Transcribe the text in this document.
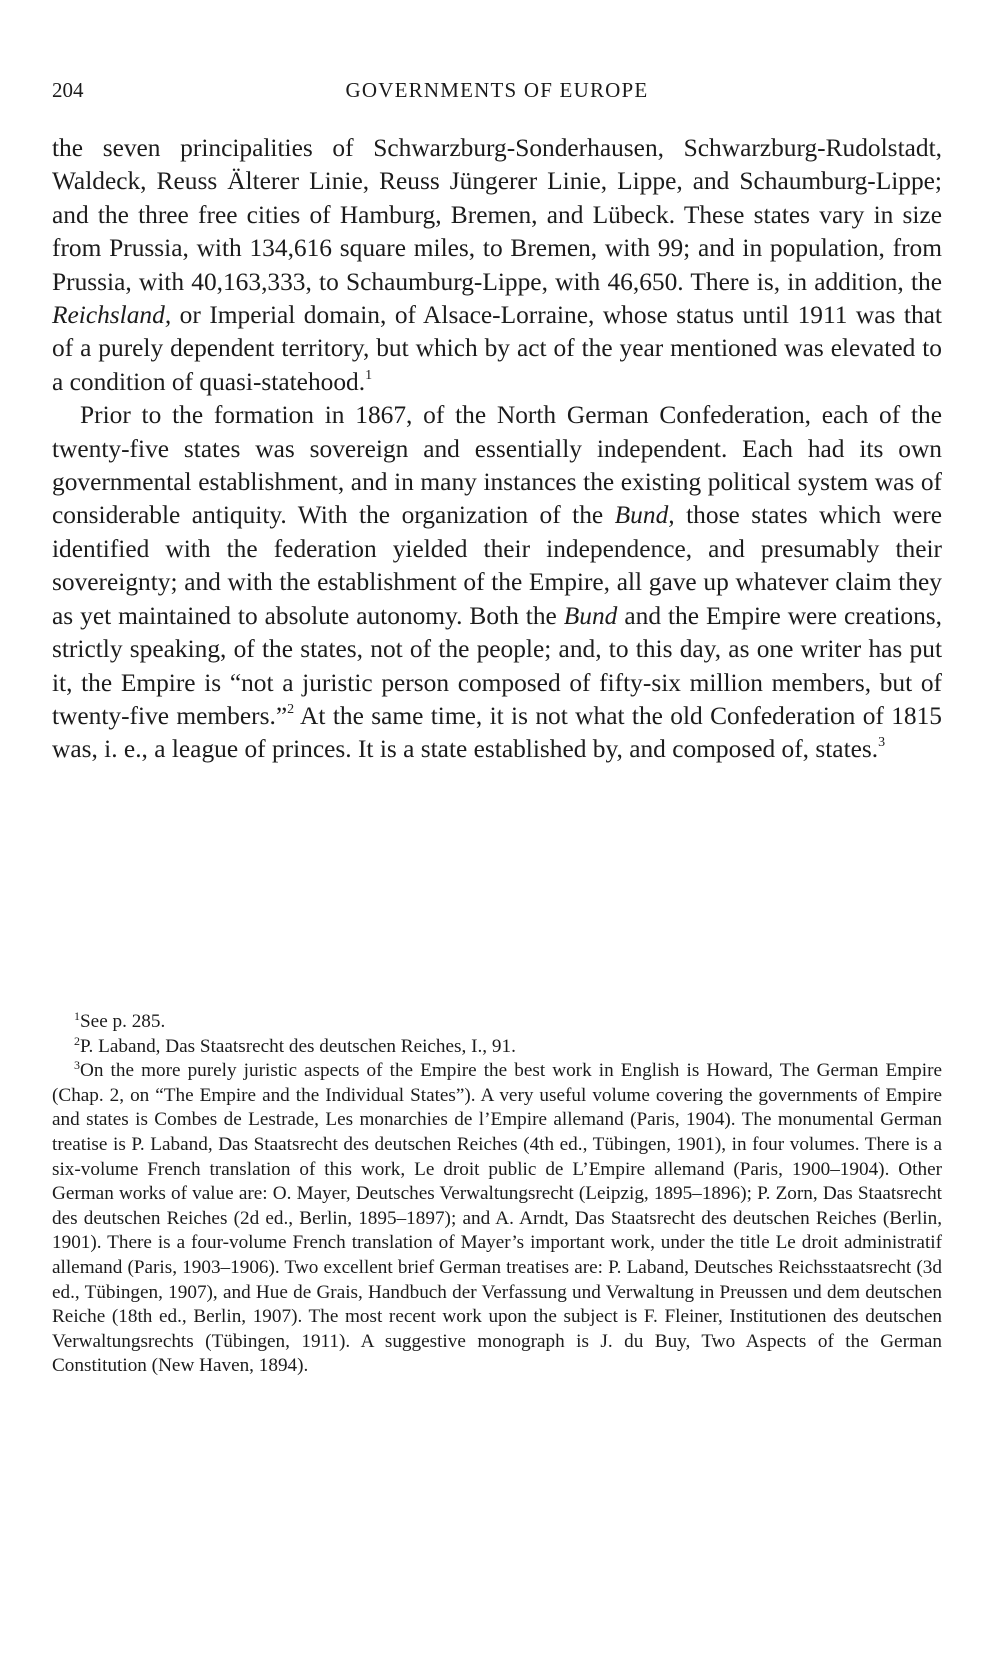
204	GOVERNMENTS OF EUROPE

the seven principalities of Schwarzburg-Sonderhausen, Schwarzburg-Rudolstadt, Waldeck, Reuss Älterer Linie, Reuss Jüngerer Linie, Lippe, and Schaumburg-Lippe; and the three free cities of Hamburg, Bremen, and Lübeck. These states vary in size from Prussia, with 134,616 square miles, to Bremen, with 99; and in population, from Prussia, with 40,163,333, to Schaumburg-Lippe, with 46,650. There is, in addition, the Reichsland, or Imperial domain, of Alsace-Lorraine, whose status until 1911 was that of a purely dependent territory, but which by act of the year mentioned was elevated to a condition of quasi-statehood.$^1$

Prior to the formation in 1867, of the North German Confederation, each of the twenty-five states was sovereign and essentially independent. Each had its own governmental establishment, and in many instances the existing political system was of considerable antiquity. With the organization of the Bund, those states which were identified with the federation yielded their independence, and presumably their sovereignty; and with the establishment of the Empire, all gave up whatever claim they as yet maintained to absolute autonomy. Both the Bund and the Empire were creations, strictly speaking, of the states, not of the people; and, to this day, as one writer has put it, the Empire is “not a juristic person composed of fifty-six million members, but of twenty-five members.”$^2$ At the same time, it is not what the old Confederation of 1815 was, i. e., a league of princes. It is a state established by, and composed of, states.$^3$

$^1$See p. 285.

$^2$P. Laband, Das Staatsrecht des deutschen Reiches, I., 91.

$^3$On the more purely juristic aspects of the Empire the best work in English is Howard, The German Empire (Chap. 2, on “The Empire and the Individual States”). A very useful volume covering the governments of Empire and states is Combes de Lestrade, Les monarchies de l’Empire allemand (Paris, 1904). The monumental German treatise is P. Laband, Das Staatsrecht des deutschen Reiches (4th ed., Tübingen, 1901), in four volumes. There is a six-volume French translation of this work, Le droit public de L’Empire allemand (Paris, 1900–1904). Other German works of value are: O. Mayer, Deutsches Verwaltungsrecht (Leipzig, 1895–1896); P. Zorn, Das Staatsrecht des deutschen Reiches (2d ed., Berlin, 1895–1897); and A. Arndt, Das Staatsrecht des deutschen Reiches (Berlin, 1901). There is a four-volume French translation of Mayer’s important work, under the title Le droit administratif allemand (Paris, 1903–1906). Two excellent brief German treatises are: P. Laband, Deutsches Reichsstaatsrecht (3d ed., Tübingen, 1907), and Hue de Grais, Handbuch der Verfassung und Verwaltung in Preussen und dem deutschen Reiche (18th ed., Berlin, 1907). The most recent work upon the subject is F. Fleiner, Institutionen des deutschen Verwaltungsrechts (Tübingen, 1911). A suggestive monograph is J. du Buy, Two Aspects of the German Constitution (New Haven, 1894).
